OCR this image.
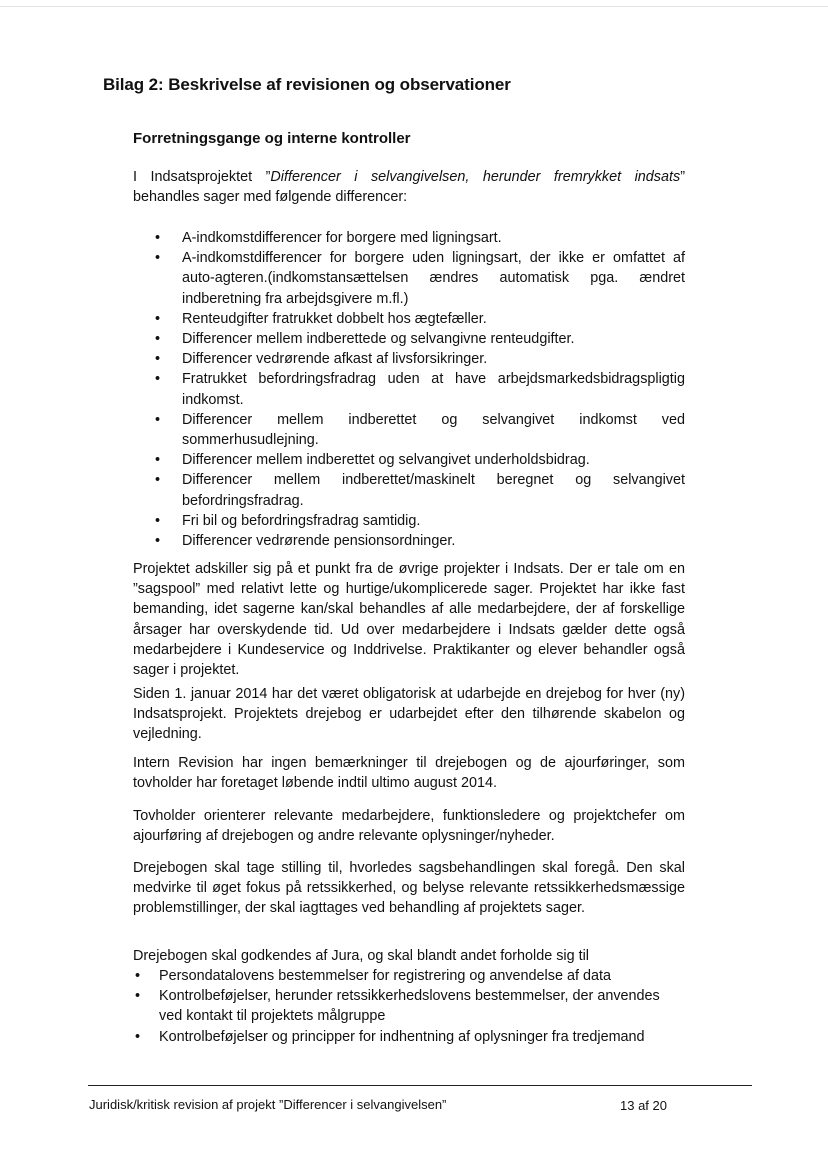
Bilag 2: Beskrivelse af revisionen og observationer
Forretningsgange og interne kontroller

I Indsatsprojektet ”Differencer i selvangivelsen, herunder fremrykket indsats” behandles sager med følgende differencer:

• A-indkomstdifferencer for borgere med ligningsart.
• A-indkomstdifferencer for borgere uden ligningsart, der ikke er omfattet af auto-agteren.(indkomstansættelsen ændres automatisk pga. ændret indberetning fra arbejdsgivere m.fl.)
• Renteudgifter fratrukket dobbelt hos ægtefæller.
• Differencer mellem indberettede og selvangivne renteudgifter.
• Differencer vedrørende afkast af livsforsikringer.
• Fratrukket befordringsfradrag uden at have arbejdsmarkedsbidragspligtig indkomst.
• Differencer mellem indberettet og selvangivet indkomst ved sommerhusudlejning.
• Differencer mellem indberettet og selvangivet underholdsbidrag.
• Differencer mellem indberettet/maskinelt beregnet og selvangivet befordringsfradrag.
• Fri bil og befordringsfradrag samtidig.
• Differencer vedrørende pensionsordninger.

Projektet adskiller sig på et punkt fra de øvrige projekter i Indsats. Der er tale om en ”sagspool” med relativt lette og hurtige/ukomplicerede sager. Projektet har ikke fast bemanding, idet sagerne kan/skal behandles af alle medarbejdere, der af forskellige årsager har overskydende tid. Ud over medarbejdere i Indsats gælder dette også medarbejdere i Kundeservice og Inddrivelse. Praktikanter og elever behandler også sager i projektet.

Siden 1. januar 2014 har det været obligatorisk at udarbejde en drejebog for hver (ny) Indsatsprojekt. Projektets drejebog er udarbejdet efter den tilhørende skabelon og vejledning.

Intern Revision har ingen bemærkninger til drejebogen og de ajourføringer, som tovholder har foretaget løbende indtil ultimo august 2014.

Tovholder orienterer relevante medarbejdere, funktionsledere og projektchefer om ajourføring af drejebogen og andre relevante oplysninger/nyheder.

Drejebogen skal tage stilling til, hvorledes sagsbehandlingen skal foregå. Den skal medvirke til øget fokus på retssikkerhed, og belyse relevante retssikkerhedsmæssige problemstillinger, der skal iagttages ved behandling af projektets sager.

Drejebogen skal godkendes af Jura, og skal blandt andet forholde sig til

• Persondatalovens bestemmelser for registrering og anvendelse af data
• Kontrolbeføjelser, herunder retssikkerhedslovens bestemmelser, der anvendes ved kontakt til projektets målgruppe
• Kontrolbeføjelser og principper for indhentning af oplysninger fra tredjemand
Juridisk/kritisk revision af projekt ”Differencer i selvangivelsen”	13 af 20
